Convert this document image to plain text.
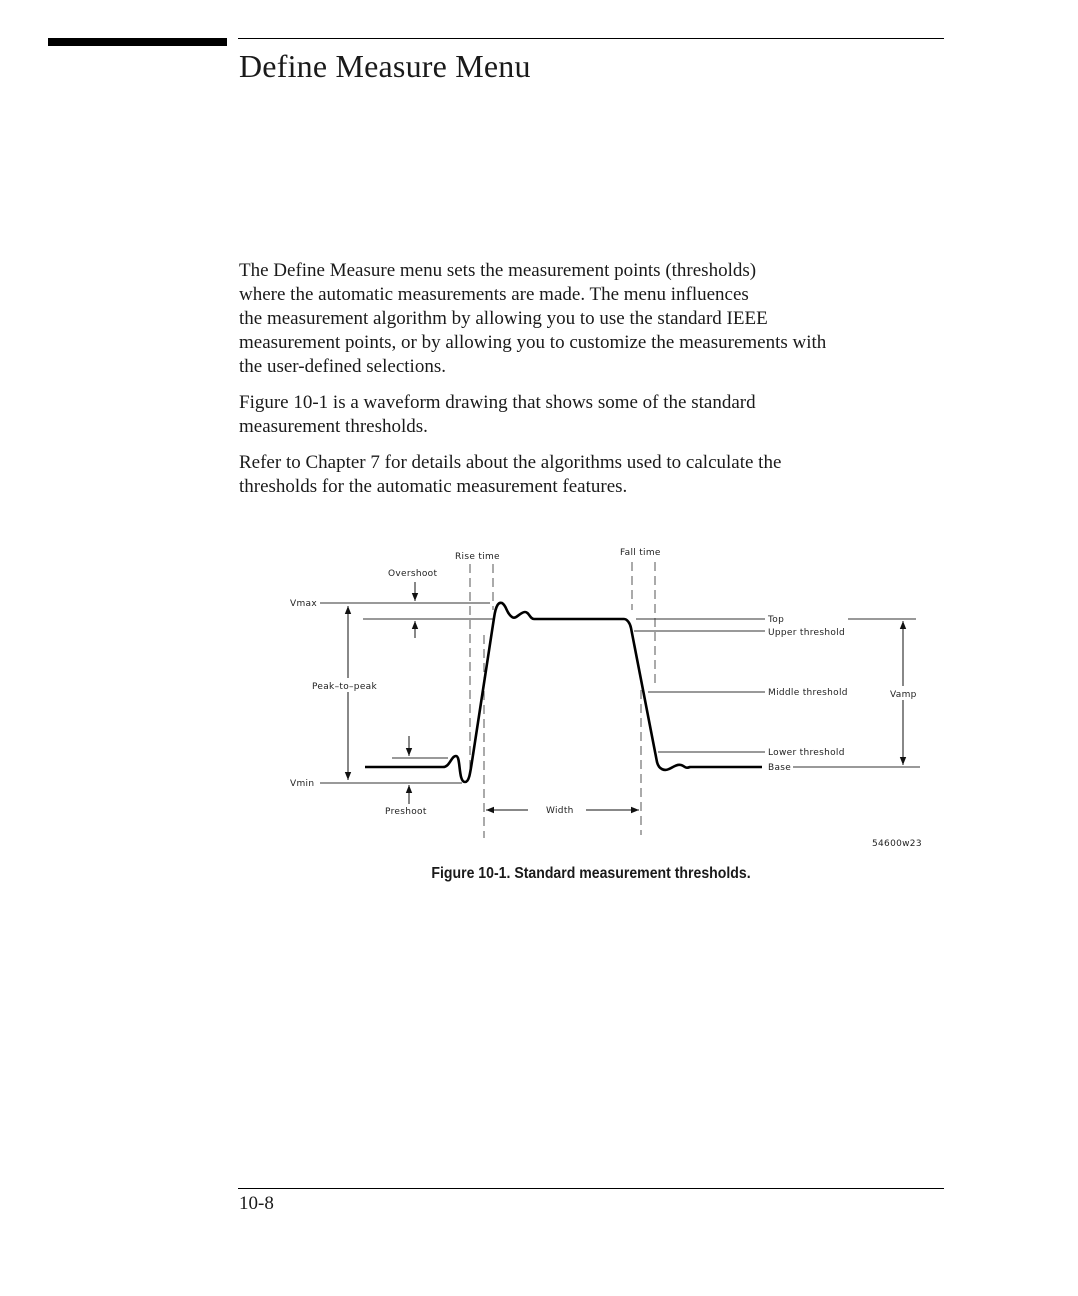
Define Measure Menu

The Define Measure menu sets the measurement points (thresholds)
where the automatic measurements are made. The menu influences
the measurement algorithm by allowing you to use the standard IEEE
measurement points, or by allowing you to customize the measurements with
the user-defined selections.

Figure 10-1 is a waveform drawing that shows some of the standard
measurement thresholds.

Refer to Chapter 7 for details about the algorithms used to calculate the
thresholds for the automatic measurement features.

Rise time	Fall time
Overshoot
Vmax
Vmin
Peak–to–peak
Top
Upper threshold
Middle threshold	Vamp
Lower threshold
Base
Preshoot	Width
54600w23
Figure 10-1. Standard measurement thresholds.
10-8
